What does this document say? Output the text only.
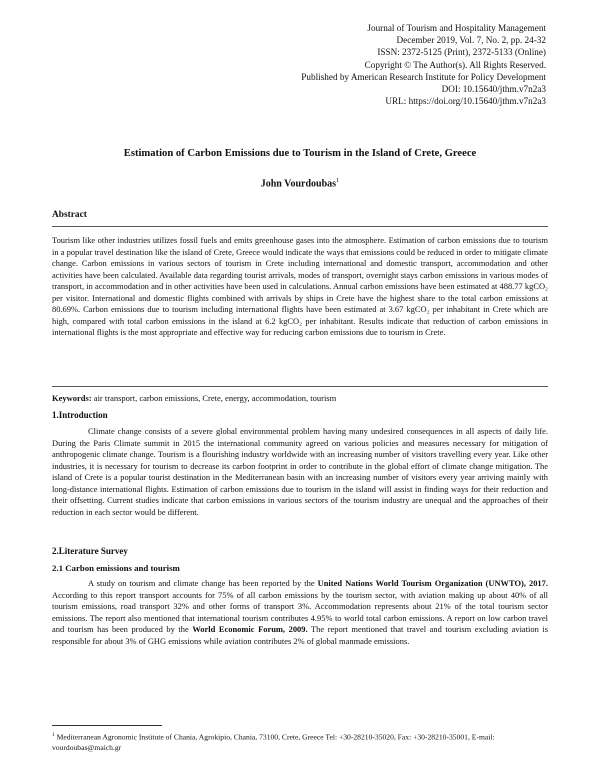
Journal of Tourism and Hospitality Management
December 2019, Vol. 7, No. 2, pp. 24-32
ISSN: 2372-5125 (Print), 2372-5133 (Online)
Copyright © The Author(s). All Rights Reserved.
Published by American Research Institute for Policy Development
DOI: 10.15640/jthm.v7n2a3
URL: https://doi.org/10.15640/jthm.v7n2a3
Estimation of Carbon Emissions due to Tourism in the Island of Crete, Greece
John Vourdoubas$^1$
Abstract
Tourism like other industries utilizes fossil fuels and emits greenhouse gases into the atmosphere. Estimation of carbon emissions due to tourism in a popular travel destination like the island of Crete, Greece would indicate the ways that emissions could be reduced in order to mitigate climate change. Carbon emissions in various sectors of tourism in Crete including international and domestic transport, accommodation and other activities have been calculated. Available data regarding tourist arrivals, modes of transport, overnight stays carbon emissions in various modes of transport, in accommodation and in other activities have been used in calculations. Annual carbon emissions have been estimated at 488.77 kgCO₂ per visitor. International and domestic flights combined with arrivals by ships in Crete have the highest share to the total carbon emissions at 80.69%. Carbon emissions due to tourism including international flights have been estimated at 3.67 kgCO₂ per inhabitant in Crete which are high, compared with total carbon emissions in the island at 6.2 kgCO₂ per inhabitant. Results indicate that reduction of carbon emissions in international flights is the most appropriate and effective way for reducing carbon emissions due to tourism in Crete.
Keywords: air transport, carbon emissions, Crete, energy, accommodation, tourism
1.Introduction
Climate change consists of a severe global environmental problem having many undesired consequences in all aspects of daily life. During the Paris Climate summit in 2015 the international community agreed on various policies and measures necessary for mitigation of anthropogenic climate change. Tourism is a flourishing industry worldwide with an increasing number of visitors travelling every year. Like other industries, it is necessary for tourism to decrease its carbon footprint in order to contribute in the global effort of climate change mitigation. The island of Crete is a popular tourist destination in the Mediterranean basin with an increasing number of visitors every year arriving mainly with long-distance international flights. Estimation of carbon emissions due to tourism in the island will assist in finding ways for their reduction and their offsetting. Current studies indicate that carbon emissions in various sectors of the tourism industry are unequal and the approaches of their reduction in each sector would be different.
2.Literature Survey
2.1 Carbon emissions and tourism
A study on tourism and climate change has been reported by the United Nations World Tourism Organization (UNWTO), 2017. According to this report transport accounts for 75% of all carbon emissions by the tourism sector, with aviation making up about 40% of all tourism emissions, road transport 32% and other forms of transport 3%. Accommodation represents about 21% of the total tourism sector emissions. The report also mentioned that international tourism contributes 4.95% to world total carbon emissions. A report on low carbon travel and tourism has been produced by the World Economic Forum, 2009. The report mentioned that travel and tourism excluding aviation is responsible for about 3% of GHG emissions while aviation contributes 2% of global manmade emissions.
$^1$ Mediterranean Agronomic Institute of Chania, Agrokipio, Chania, 73100, Crete, Greece Tel: +30-28210-35020, Fax: +30-28210-35001, E-mail: vourdoubas@maich.gr
